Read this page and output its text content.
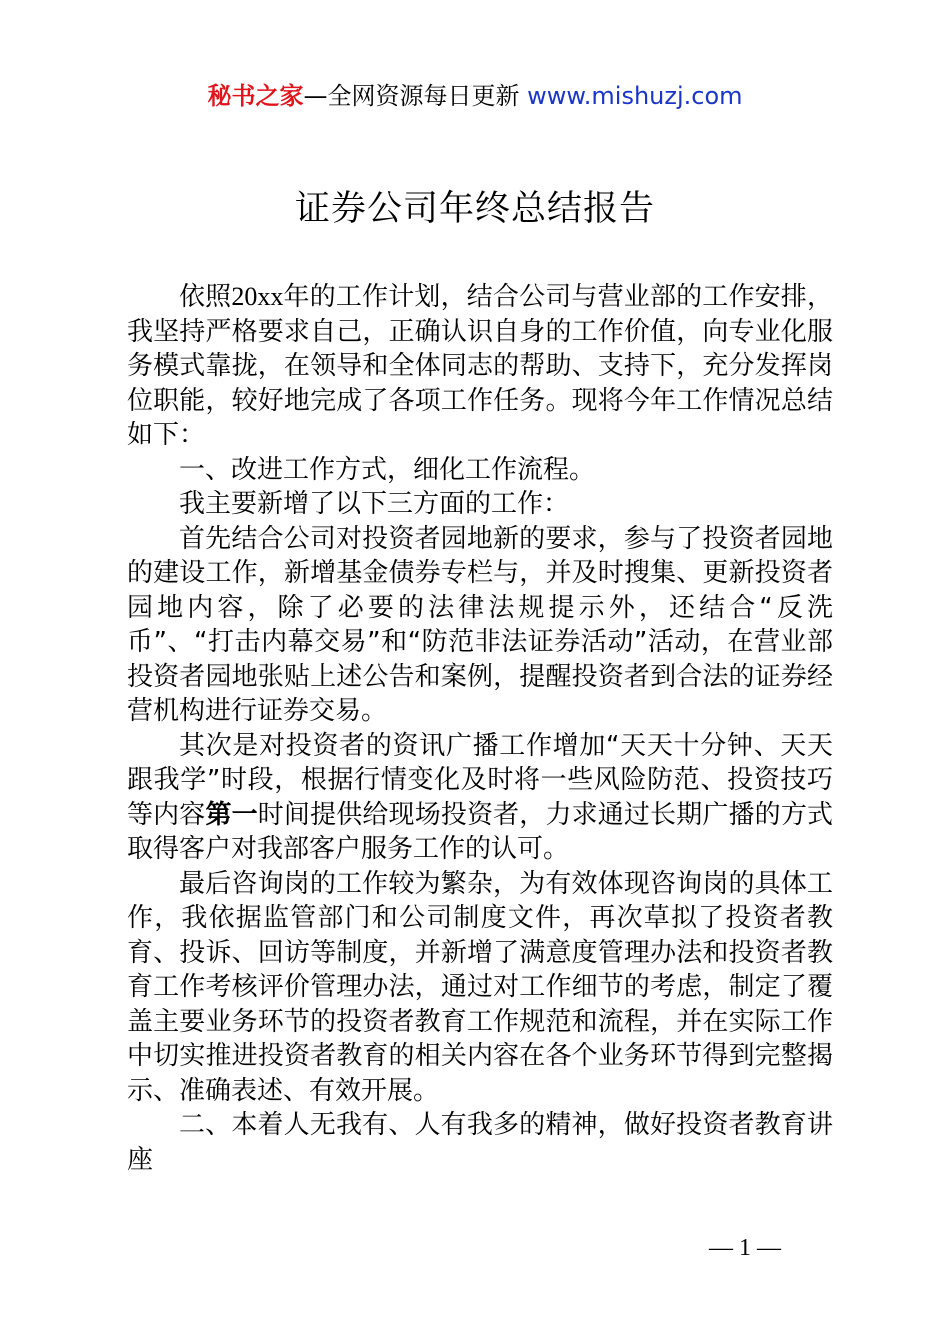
秘书之家—全网资源每日更新 www.mishuzj.com
证券公司年终总结报告

依照20xx年的工作计划，结合公司与营业部的工作安排，我坚持严格要求自己，正确认识自身的工作价值，向专业化服务模式靠拢，在领导和全体同志的帮助、支持下，充分发挥岗位职能，较好地完成了各项工作任务。现将今年工作情况总结如下：

一、改进工作方式，细化工作流程。

我主要新增了以下三方面的工作：

首先结合公司对投资者园地新的要求，参与了投资者园地的建设工作，新增基金债券专栏与，并及时搜集、更新投资者园地内容，除了必要的法律法规提示外，还结合“反洗币”、“打击内幕交易”和“防范非法证券活动”活动，在营业部投资者园地张贴上述公告和案例，提醒投资者到合法的证券经营机构进行证券交易。

其次是对投资者的资讯广播工作增加“天天十分钟、天天跟我学”时段，根据行情变化及时将一些风险防范、投资技巧等内容第一时间提供给现场投资者，力求通过长期广播的方式取得客户对我部客户服务工作的认可。

最后咨询岗的工作较为繁杂，为有效体现咨询岗的具体工作，我依据监管部门和公司制度文件，再次草拟了投资者教育、投诉、回访等制度，并新增了满意度管理办法和投资者教育工作考核评价管理办法，通过对工作细节的考虑，制定了覆盖主要业务环节的投资者教育工作规范和流程，并在实际工作中切实推进投资者教育的相关内容在各个业务环节得到完整揭示、准确表述、有效开展。

二、本着人无我有、人有我多的精神，做好投资者教育讲座

— 1 —
